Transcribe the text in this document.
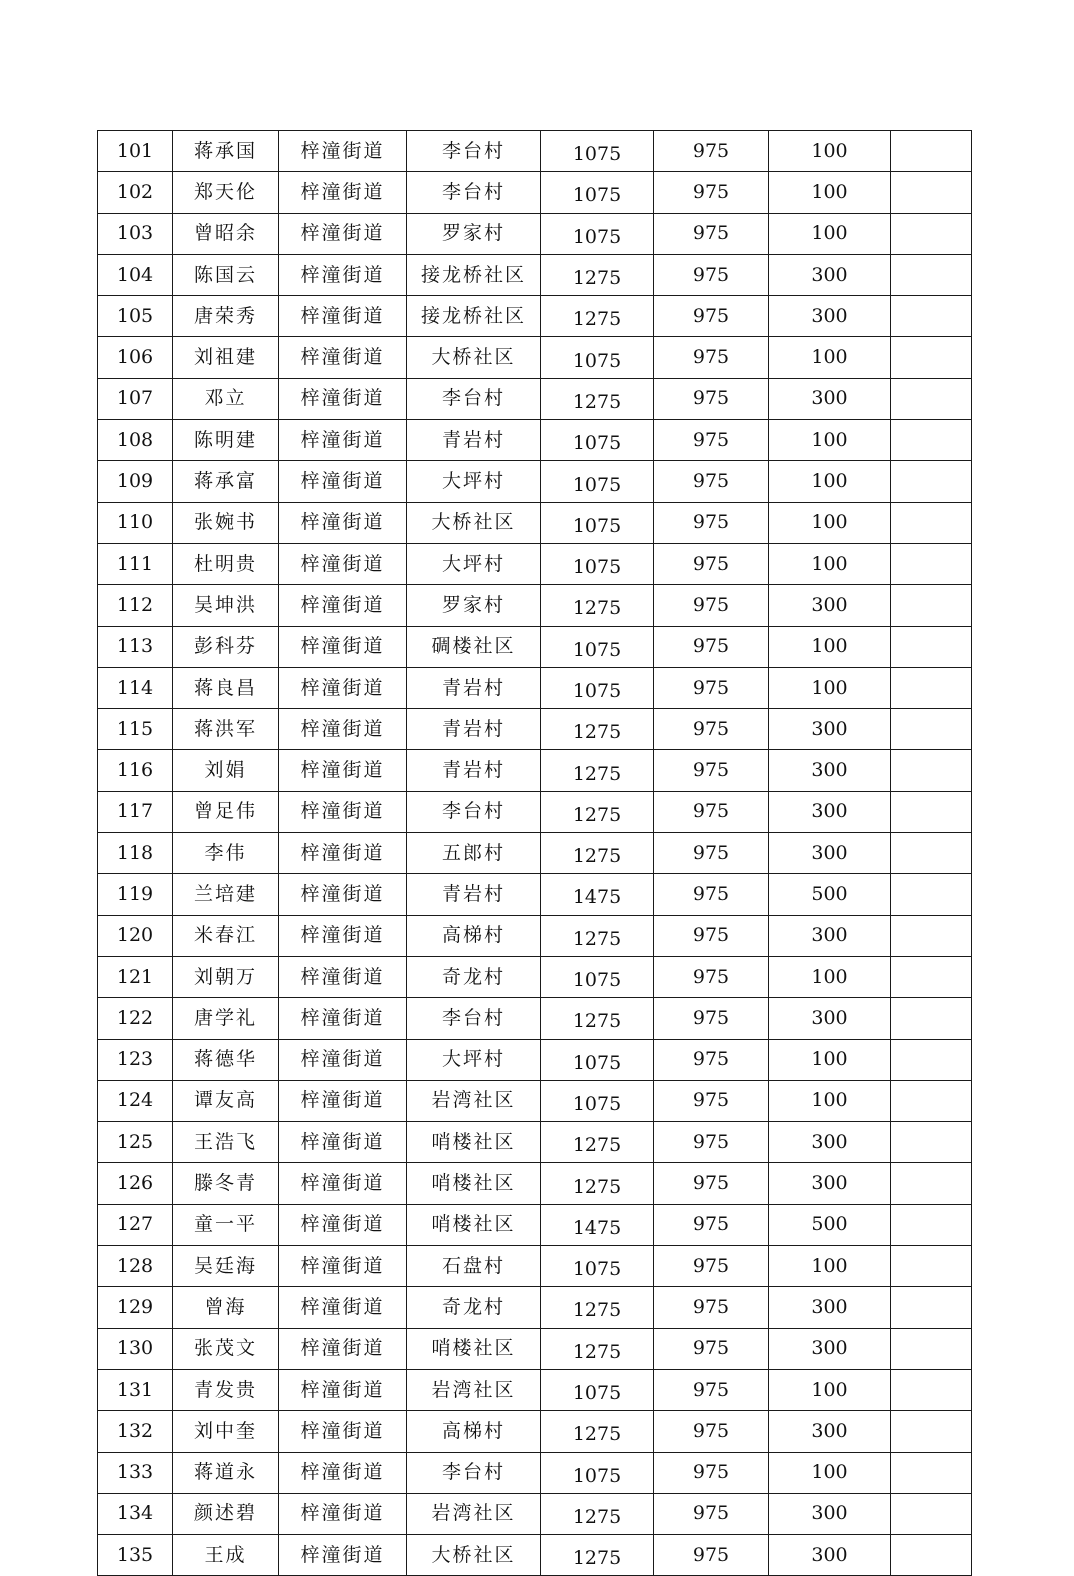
101	蒋承国	梓潼街道	李台村	1075	975	100	
102	郑天伦	梓潼街道	李台村	1075	975	100	
103	曾昭余	梓潼街道	罗家村	1075	975	100	
104	陈国云	梓潼街道	接龙桥社区	1275	975	300	
105	唐荣秀	梓潼街道	接龙桥社区	1275	975	300	
106	刘祖建	梓潼街道	大桥社区	1075	975	100	
107	邓立	梓潼街道	李台村	1275	975	300	
108	陈明建	梓潼街道	青岩村	1075	975	100	
109	蒋承富	梓潼街道	大坪村	1075	975	100	
110	张婉书	梓潼街道	大桥社区	1075	975	100	
111	杜明贵	梓潼街道	大坪村	1075	975	100	
112	吴坤洪	梓潼街道	罗家村	1275	975	300	
113	彭科芬	梓潼街道	碉楼社区	1075	975	100	
114	蒋良昌	梓潼街道	青岩村	1075	975	100	
115	蒋洪军	梓潼街道	青岩村	1275	975	300	
116	刘娟	梓潼街道	青岩村	1275	975	300	
117	曾足伟	梓潼街道	李台村	1275	975	300	
118	李伟	梓潼街道	五郎村	1275	975	300	
119	兰培建	梓潼街道	青岩村	1475	975	500	
120	米春江	梓潼街道	高梯村	1275	975	300	
121	刘朝万	梓潼街道	奇龙村	1075	975	100	
122	唐学礼	梓潼街道	李台村	1275	975	300	
123	蒋德华	梓潼街道	大坪村	1075	975	100	
124	谭友高	梓潼街道	岩湾社区	1075	975	100	
125	王浩飞	梓潼街道	哨楼社区	1275	975	300	
126	滕冬青	梓潼街道	哨楼社区	1275	975	300	
127	童一平	梓潼街道	哨楼社区	1475	975	500	
128	吴廷海	梓潼街道	石盘村	1075	975	100	
129	曾海	梓潼街道	奇龙村	1275	975	300	
130	张茂文	梓潼街道	哨楼社区	1275	975	300	
131	青发贵	梓潼街道	岩湾社区	1075	975	100	
132	刘中奎	梓潼街道	高梯村	1275	975	300	
133	蒋道永	梓潼街道	李台村	1075	975	100	
134	颜述碧	梓潼街道	岩湾社区	1275	975	300	
135	王成	梓潼街道	大桥社区	1275	975	300	
